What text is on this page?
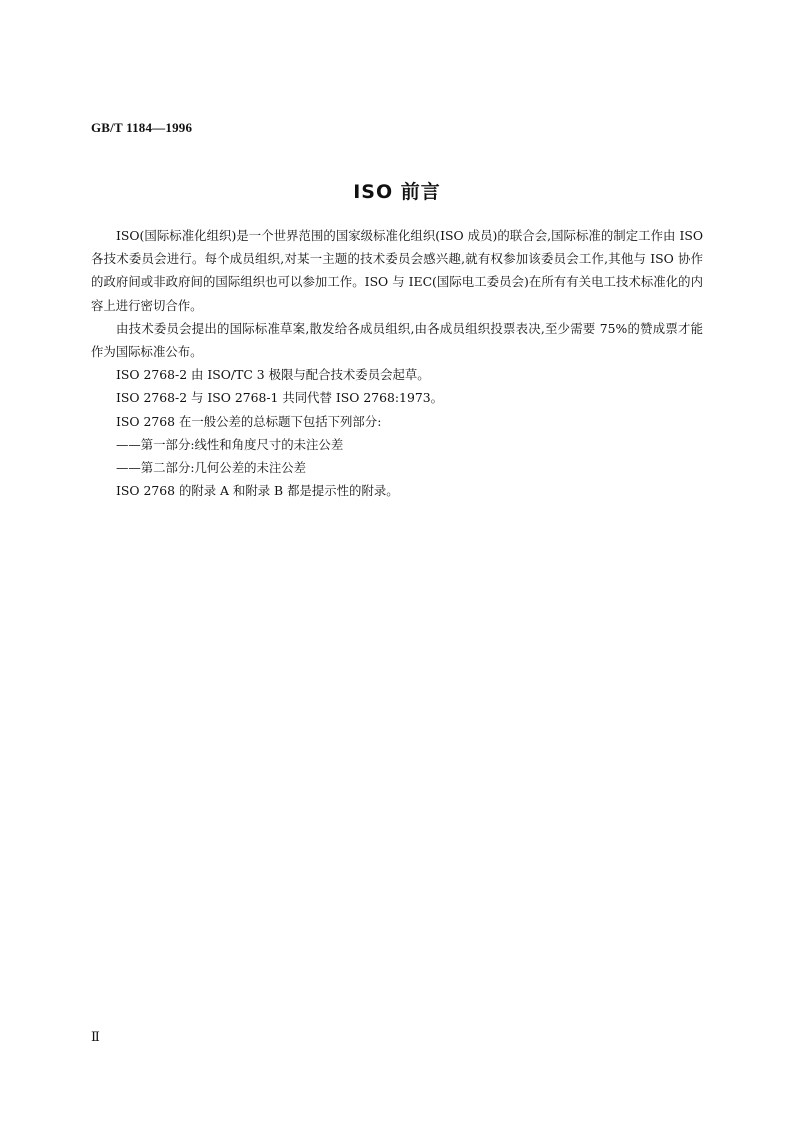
GB/T 1184—1996
ISO 前言

ISO(国际标准化组织)是一个世界范围的国家级标准化组织(ISO 成员)的联合会,国际标准的制定工作由 ISO 各技术委员会进行。每个成员组织,对某一主题的技术委员会感兴趣,就有权参加该委员会工作,其他与 ISO 协作的政府间或非政府间的国际组织也可以参加工作。ISO 与 IEC(国际电工委员会)在所有有关电工技术标准化的内容上进行密切合作。

由技术委员会提出的国际标准草案,散发给各成员组织,由各成员组织投票表决,至少需要 75%的赞成票才能作为国际标准公布。

ISO 2768-2 由 ISO/TC 3 极限与配合技术委员会起草。

ISO 2768-2 与 ISO 2768-1 共同代替 ISO 2768:1973。

ISO 2768 在一般公差的总标题下包括下列部分:

——第一部分:线性和角度尺寸的未注公差

——第二部分:几何公差的未注公差

ISO 2768 的附录 A 和附录 B 都是提示性的附录。

Ⅱ
